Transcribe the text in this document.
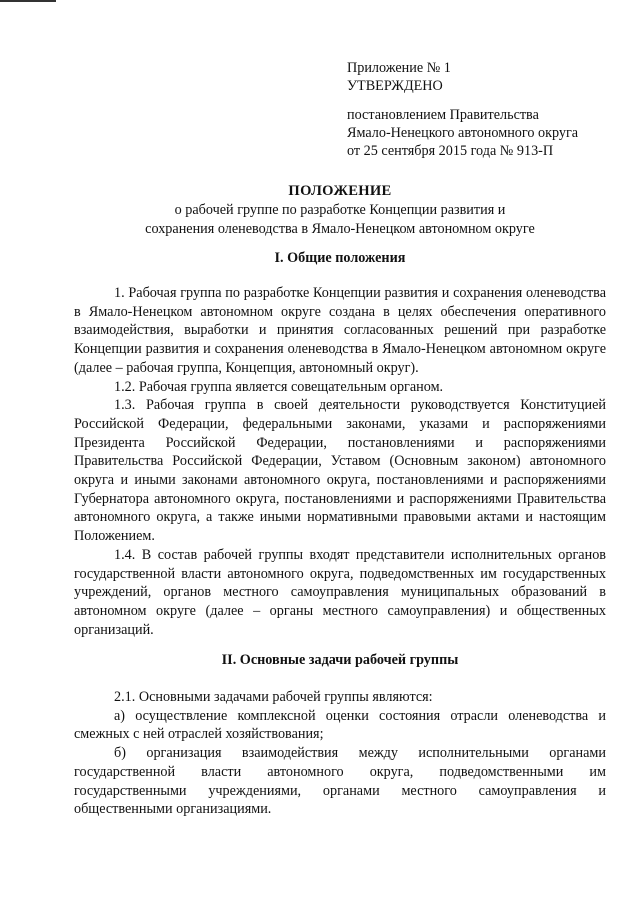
Приложение № 1
УТВЕРЖДЕНО
постановлением Правительства
Ямало-Ненецкого автономного округа
от 25 сентября 2015 года № 913-П
ПОЛОЖЕНИЕ
о рабочей группе по разработке Концепции развития и
сохранения оленеводства в Ямало-Ненецком автономном округе
I. Общие положения

1. Рабочая группа по разработке Концепции развития и сохранения оленеводства в Ямало-Ненецком автономном округе создана в целях обеспечения оперативного взаимодействия, выработки и принятия согласованных решений при разработке Концепции развития и сохранения оленеводства в Ямало-Ненецком автономном округе (далее – рабочая группа, Концепция, автономный округ).

1.2. Рабочая группа является совещательным органом.

1.3. Рабочая группа в своей деятельности руководствуется Конституцией Российской Федерации, федеральными законами, указами и распоряжениями Президента Российской Федерации, постановлениями и распоряжениями Правительства Российской Федерации, Уставом (Основным законом) автономного округа и иными законами автономного округа, постановлениями и распоряжениями Губернатора автономного округа, постановлениями и распоряжениями Правительства автономного округа, а также иными нормативными правовыми актами и настоящим Положением.

1.4. В состав рабочей группы входят представители исполнительных органов государственной власти автономного округа, подведомственных им государственных учреждений, органов местного самоуправления муниципальных образований в автономном округе (далее – органы местного самоуправления) и общественных организаций.

II. Основные задачи рабочей группы

2.1. Основными задачами рабочей группы являются:

а) осуществление комплексной оценки состояния отрасли оленеводства и смежных с ней отраслей хозяйствования;

б) организация взаимодействия между исполнительными органами государственной власти автономного округа, подведомственными им государственными учреждениями, органами местного самоуправления и общественными организациями.
